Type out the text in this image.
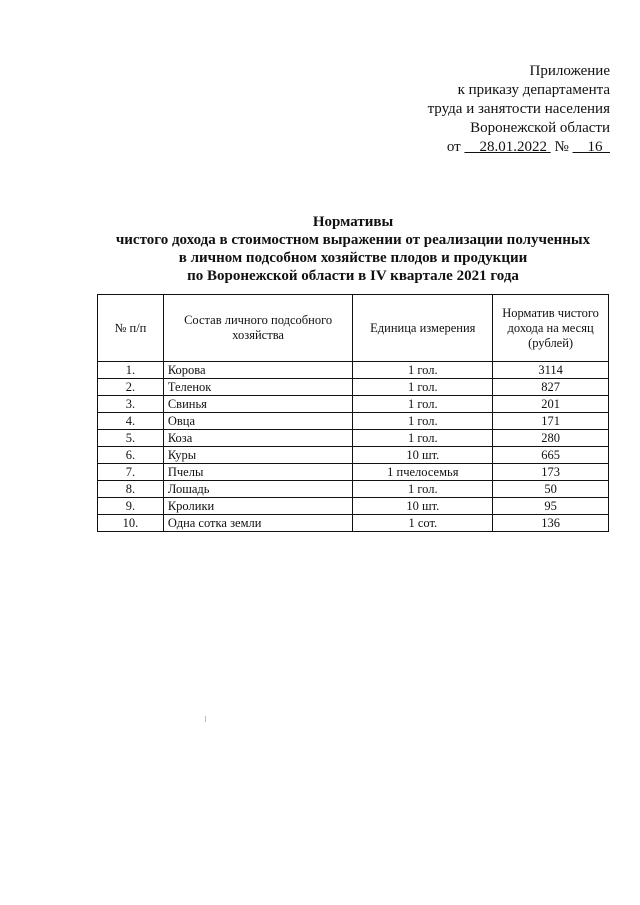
Приложение
к приказу департамента
труда и занятости населения
Воронежской области
от 28.01.2022 № 16
Нормативы
чистого дохода в стоимостном выражении от реализации полученных
в личном подсобном хозяйстве плодов и продукции
по Воронежской области в IV квартале 2021 года
№ п/п	Состав личного подсобного хозяйства	Единица измерения	Норматив чистого дохода на месяц (рублей)
1.	Корова	1 гол.	3114
2.	Теленок	1 гол.	827
3.	Свинья	1 гол.	201
4.	Овца	1 гол.	171
5.	Коза	1 гол.	280
6.	Куры	10 шт.	665
7.	Пчелы	1 пчелосемья	173
8.	Лошадь	1 гол.	50
9.	Кролики	10 шт.	95
10.	Одна сотка земли	1 сот.	136
